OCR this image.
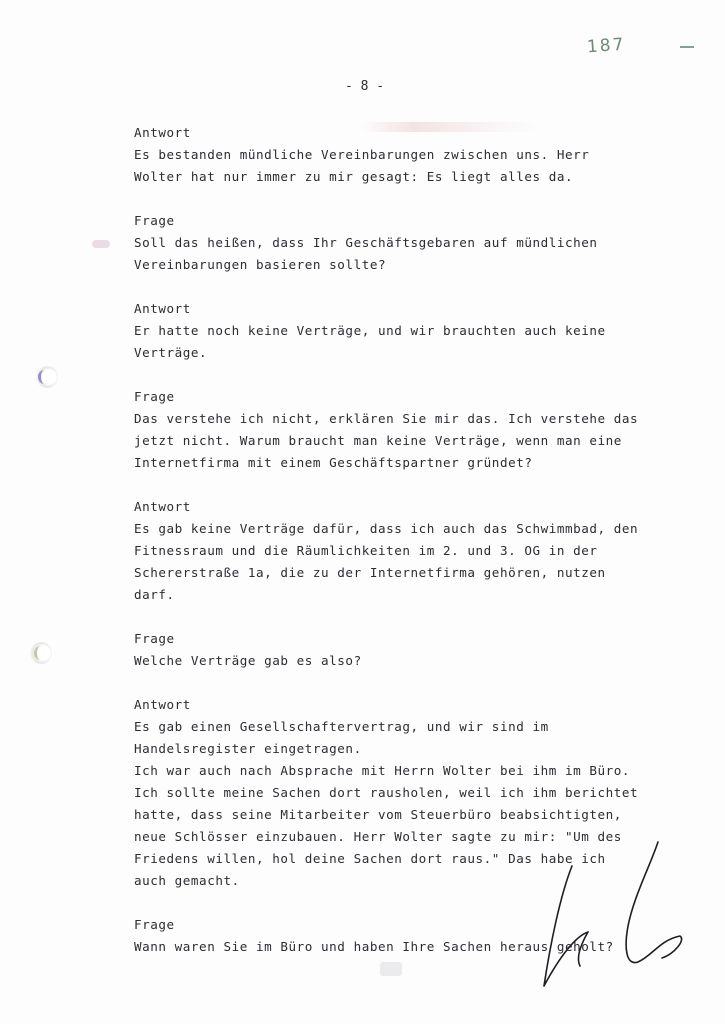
187
- 8 -
Antwort
Es bestanden mündliche Vereinbarungen zwischen uns. Herr
Wolter hat nur immer zu mir gesagt: Es liegt alles da.
Frage
Soll das heißen, dass Ihr Geschäftsgebaren auf mündlichen
Vereinbarungen basieren sollte?
Antwort
Er hatte noch keine Verträge, und wir brauchten auch keine
Verträge.
Frage
Das verstehe ich nicht, erklären Sie mir das. Ich verstehe das
jetzt nicht. Warum braucht man keine Verträge, wenn man eine
Internetfirma mit einem Geschäftspartner gründet?
Antwort
Es gab keine Verträge dafür, dass ich auch das Schwimmbad, den
Fitnessraum und die Räumlichkeiten im 2. und 3. OG in der
Schererstraße 1a, die zu der Internetfirma gehören, nutzen
darf.
Frage
Welche Verträge gab es also?
Antwort
Es gab einen Gesellschaftervertrag, und wir sind im
Handelsregister eingetragen.
Ich war auch nach Absprache mit Herrn Wolter bei ihm im Büro.
Ich sollte meine Sachen dort rausholen, weil ich ihm berichtet
hatte, dass seine Mitarbeiter vom Steuerbüro beabsichtigten,
neue Schlösser einzubauen. Herr Wolter sagte zu mir: "Um des
Friedens willen, hol deine Sachen dort raus." Das habe ich
auch gemacht.
Frage
Wann waren Sie im Büro und haben Ihre Sachen heraus geholt?
